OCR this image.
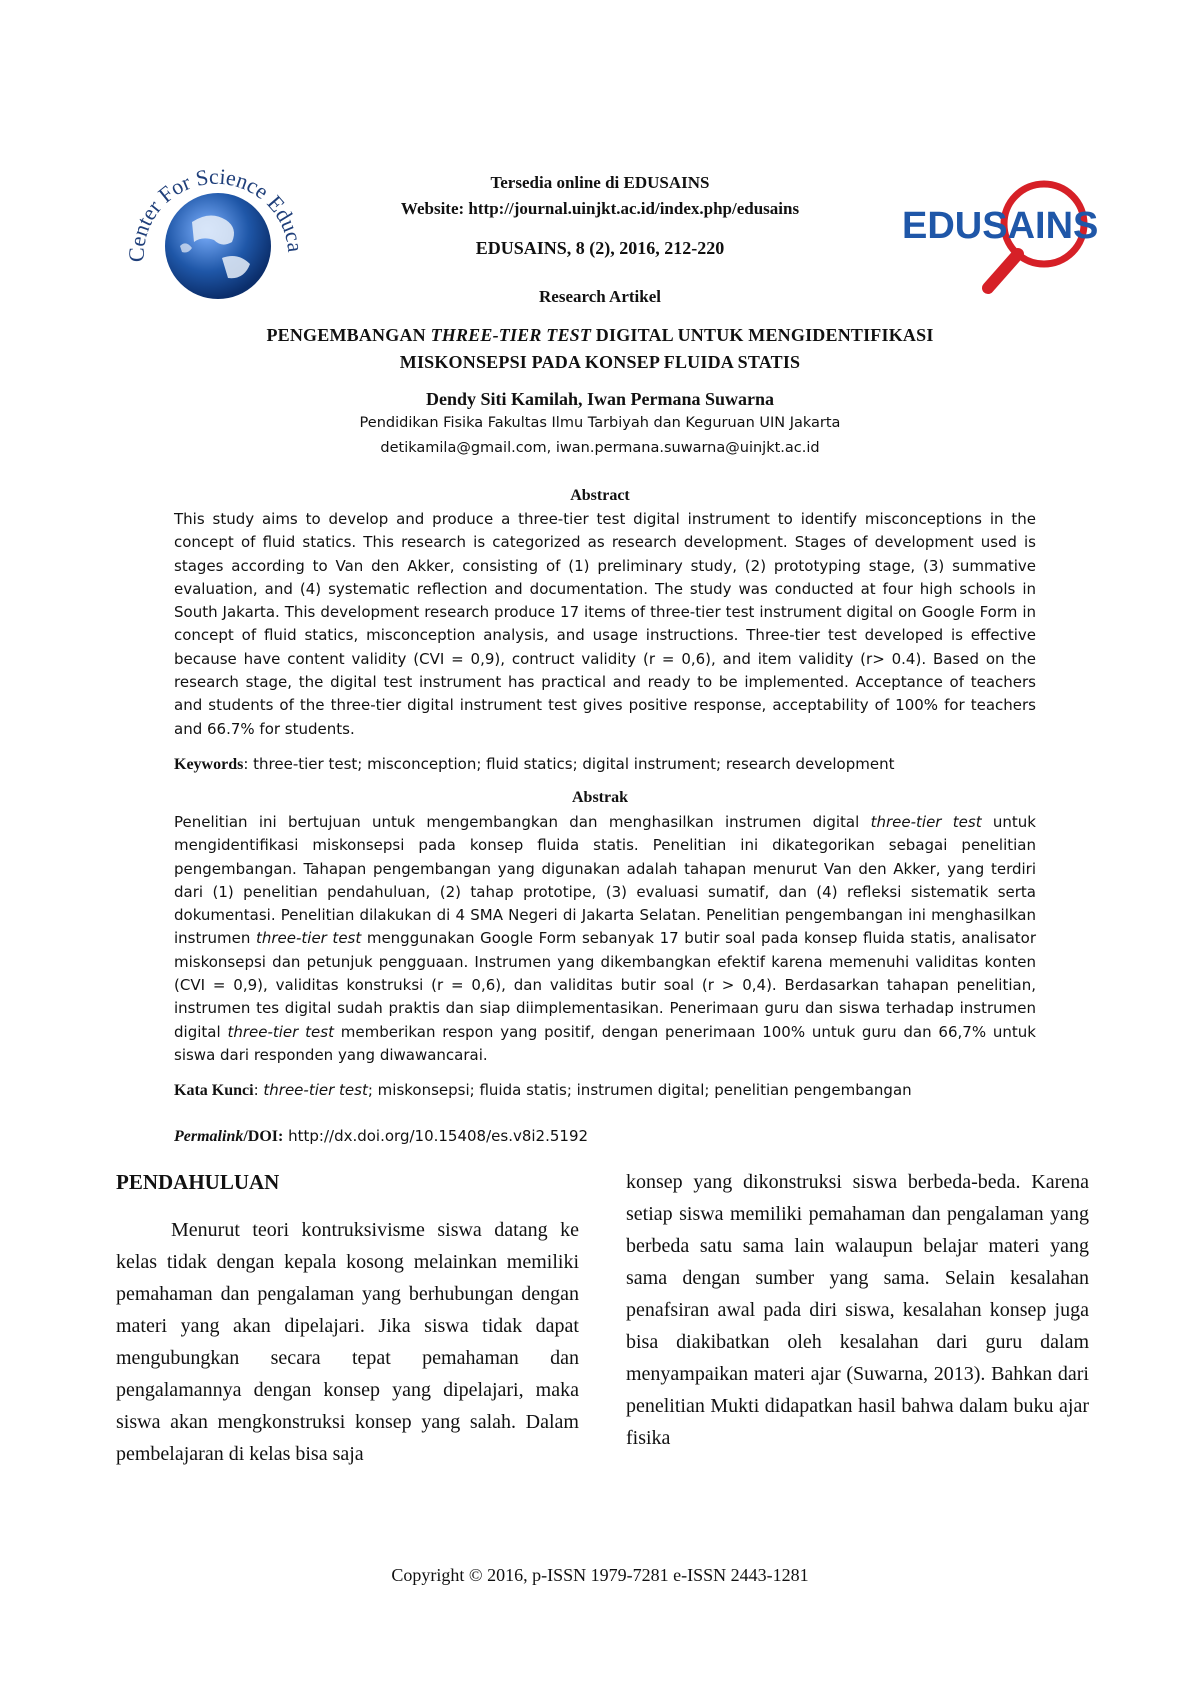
Center For Science Educa	EDUSAINS
Tersedia online di EDUSAINS
Website: http://journal.uinjkt.ac.id/index.php/edusains
EDUSAINS, 8 (2), 2016, 212-220
Research Artikel
PENGEMBANGAN THREE-TIER TEST DIGITAL UNTUK MENGIDENTIFIKASI
MISKONSEPSI PADA KONSEP FLUIDA STATIS
Dendy Siti Kamilah, Iwan Permana Suwarna
Pendidikan Fisika Fakultas Ilmu Tarbiyah dan Keguruan UIN Jakarta
detikamila@gmail.com, iwan.permana.suwarna@uinjkt.ac.id
Abstract
This study aims to develop and produce a three-tier test digital instrument to identify misconceptions in the concept of fluid statics. This research is categorized as research development. Stages of development used is stages according to Van den Akker, consisting of (1) preliminary study, (2) prototyping stage, (3) summative evaluation, and (4) systematic reflection and documentation. The study was conducted at four high schools in South Jakarta. This development research produce 17 items of three-tier test instrument digital on Google Form in concept of fluid statics, misconception analysis, and usage instructions. Three-tier test developed is effective because have content validity (CVI = 0,9), contruct validity (r = 0,6), and item validity (r> 0.4). Based on the research stage, the digital test instrument has practical and ready to be implemented. Acceptance of teachers and students of the three-tier digital instrument test gives positive response, acceptability of 100% for teachers and 66.7% for students.
Keywords: three-tier test; misconception; fluid statics; digital instrument; research development
Abstrak
Penelitian ini bertujuan untuk mengembangkan dan menghasilkan instrumen digital three-tier test untuk mengidentifikasi miskonsepsi pada konsep fluida statis. Penelitian ini dikategorikan sebagai penelitian pengembangan. Tahapan pengembangan yang digunakan adalah tahapan menurut Van den Akker, yang terdiri dari (1) penelitian pendahuluan, (2) tahap prototipe, (3) evaluasi sumatif, dan (4) refleksi sistematik serta dokumentasi. Penelitian dilakukan di 4 SMA Negeri di Jakarta Selatan. Penelitian pengembangan ini menghasilkan instrumen three-tier test menggunakan Google Form sebanyak 17 butir soal pada konsep fluida statis, analisator miskonsepsi dan petunjuk pengguaan. Instrumen yang dikembangkan efektif karena memenuhi validitas konten (CVI = 0,9), validitas konstruksi (r = 0,6), dan validitas butir soal (r > 0,4). Berdasarkan tahapan penelitian, instrumen tes digital sudah praktis dan siap diimplementasikan. Penerimaan guru dan siswa terhadap instrumen digital three-tier test memberikan respon yang positif, dengan penerimaan 100% untuk guru dan 66,7% untuk siswa dari responden yang diwawancarai.
Kata Kunci: three-tier test; miskonsepsi; fluida statis; instrumen digital; penelitian pengembangan
Permalink/DOI: http://dx.doi.org/10.15408/es.v8i2.5192
PENDAHULUAN
Menurut teori kontruksivisme siswa datang ke kelas tidak dengan kepala kosong melainkan memiliki pemahaman dan pengalaman yang berhubungan dengan materi yang akan dipelajari. Jika siswa tidak dapat mengubungkan secara tepat pemahaman dan pengalamannya dengan konsep yang dipelajari, maka siswa akan mengkonstruksi konsep yang salah. Dalam pembelajaran di kelas bisa saja
konsep yang dikonstruksi siswa berbeda-beda. Karena setiap siswa memiliki pemahaman dan pengalaman yang berbeda satu sama lain walaupun belajar materi yang sama dengan sumber yang sama. Selain kesalahan penafsiran awal pada diri siswa, kesalahan konsep juga bisa diakibatkan oleh kesalahan dari guru dalam menyampaikan materi ajar (Suwarna, 2013). Bahkan dari penelitian Mukti didapatkan hasil bahwa dalam buku ajar fisika
Copyright © 2016, p-ISSN 1979-7281 e-ISSN 2443-1281
